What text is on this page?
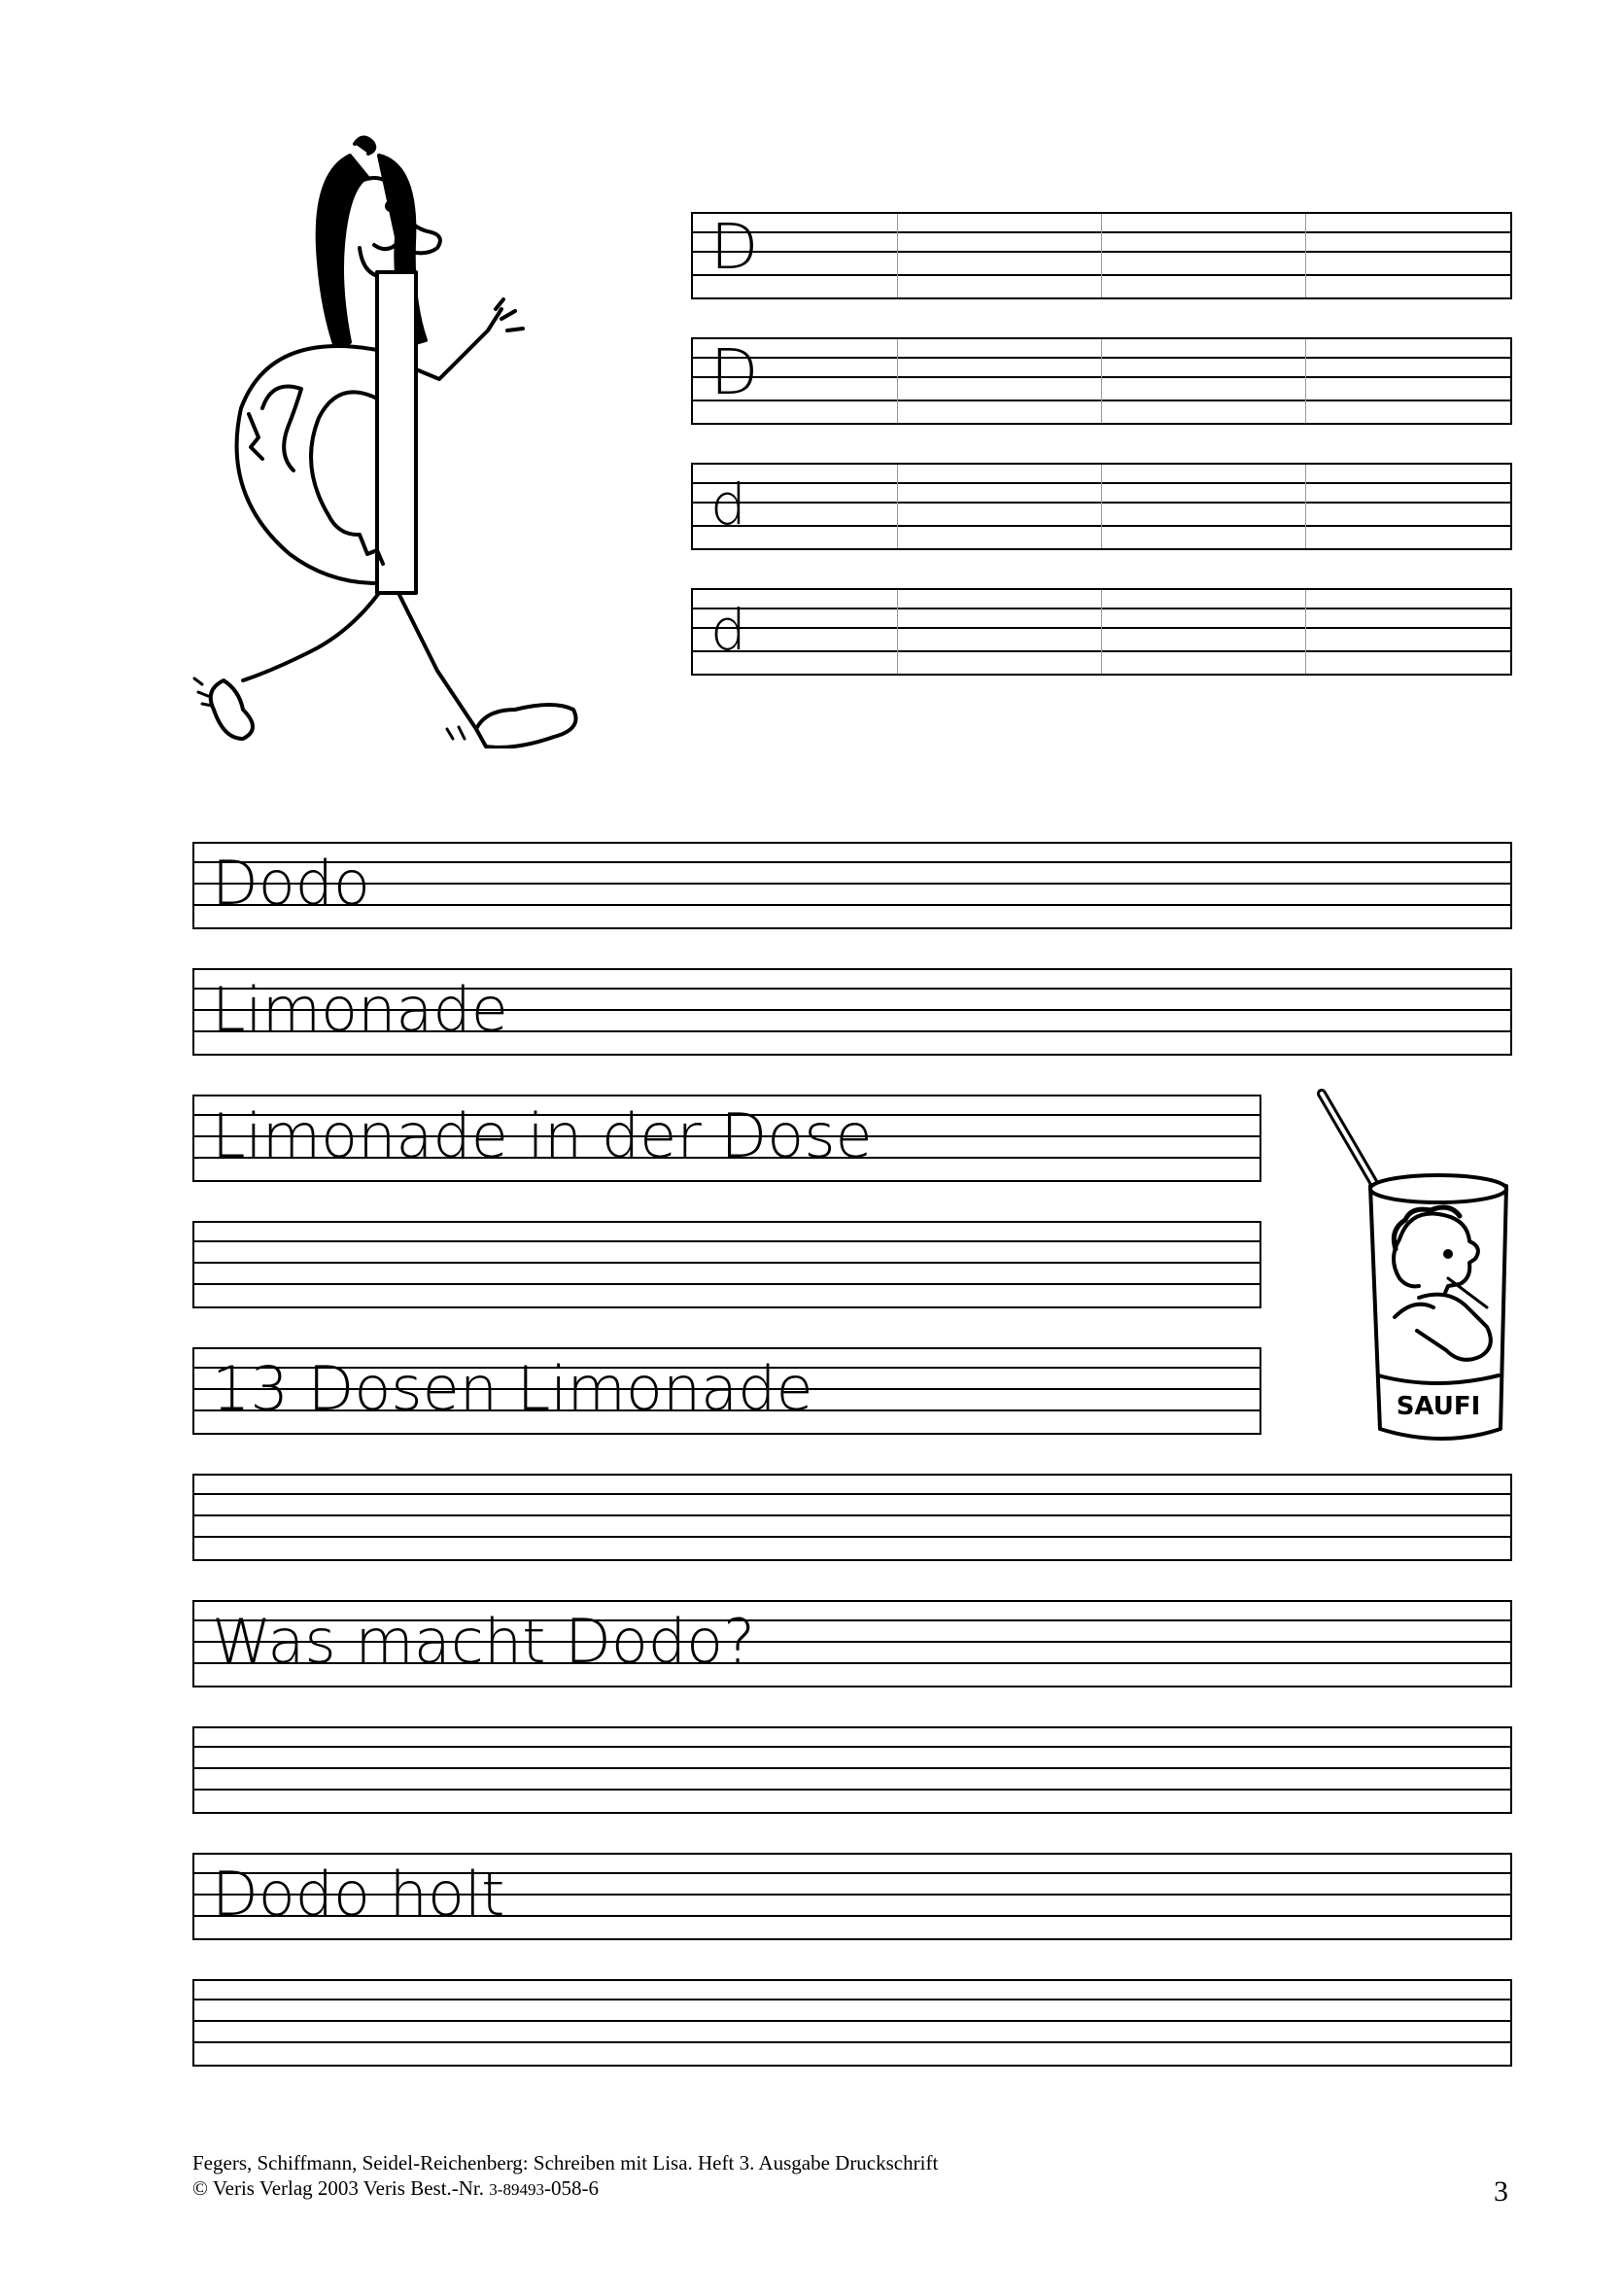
D
D
d
d
Dodo
Limonade
Limonade in der Dose
13 Dosen Limonade
Was macht Dodo?
Dodo holt
SAUFI
Fegers, Schiffmann, Seidel-Reichenberg: Schreiben mit Lisa. Heft 3. Ausgabe Druckschrift
© Veris Verlag 2003 Veris Best.-Nr. 3-89493-058-6	3
